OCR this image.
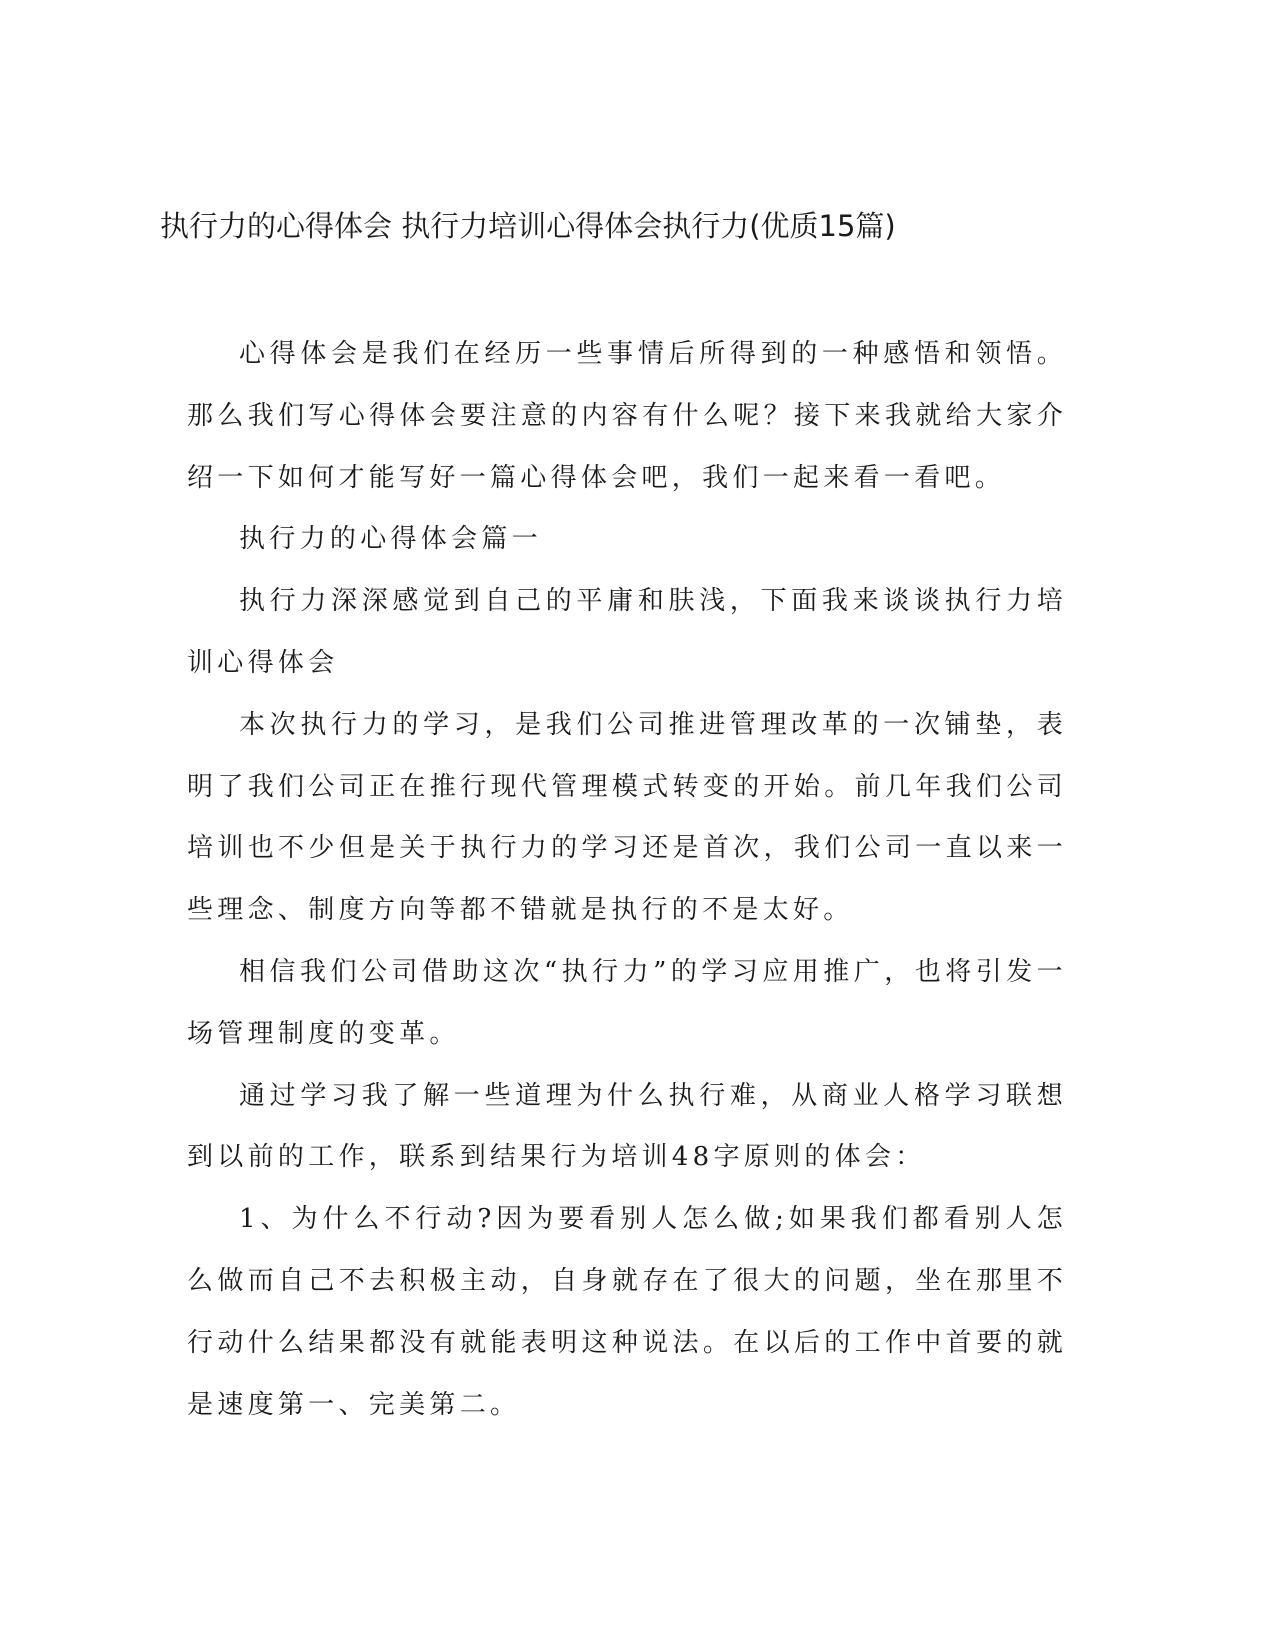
执行力的心得体会 执行力培训心得体会执行力(优质15篇)

心得体会是我们在经历一些事情后所得到的一种感悟和领悟。那么我们写心得体会要注意的内容有什么呢？接下来我就给大家介绍一下如何才能写好一篇心得体会吧，我们一起来看一看吧。

执行力的心得体会篇一

执行力深深感觉到自己的平庸和肤浅，下面我来谈谈执行力培训心得体会

本次执行力的学习，是我们公司推进管理改革的一次铺垫，表明了我们公司正在推行现代管理模式转变的开始。前几年我们公司培训也不少但是关于执行力的学习还是首次，我们公司一直以来一些理念、制度方向等都不错就是执行的不是太好。

相信我们公司借助这次“执行力”的学习应用推广，也将引发一场管理制度的变革。

通过学习我了解一些道理为什么执行难，从商业人格学习联想到以前的工作，联系到结果行为培训48字原则的体会：

1、为什么不行动?因为要看别人怎么做;如果我们都看别人怎么做而自己不去积极主动，自身就存在了很大的问题，坐在那里不行动什么结果都没有就能表明这种说法。在以后的工作中首要的就是速度第一、完美第二。
